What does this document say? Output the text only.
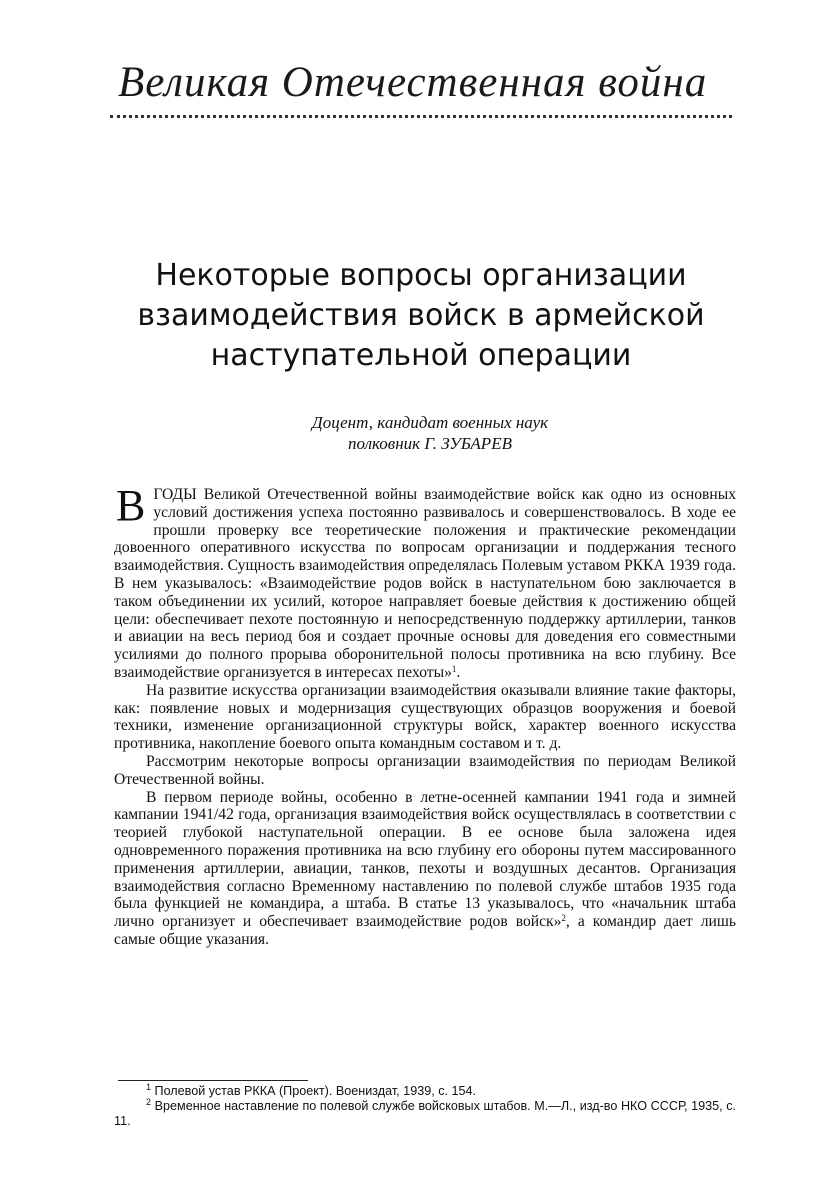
Великая Отечественная война
Некоторые вопросы организации
взаимодействия войск в армейской
наступательной операции
Доцент, кандидат военных наук
полковник Г. ЗУБАРЕВ

ВГОДЫ Великой Отечественной войны взаимодействие войск как одно из основных условий достижения успеха постоянно развивалось и совершенствовалось. В ходе ее прошли проверку все теоретические положения и практические рекомендации довоенного оперативного искусства по вопросам организации и поддержания тесного взаимодействия. Сущность взаимодействия определялась Полевым уставом РККА 1939 года. В нем указывалось: «Взаимодействие родов войск в наступательном бою заключается в таком объединении их усилий, которое направляет боевые действия к достижению общей цели: обеспечивает пехоте постоянную и непосредственную поддержку артиллерии, танков и авиации на весь период боя и создает прочные основы для доведения его совместными усилиями до полного прорыва оборонительной полосы противника на всю глубину. Все взаимодействие организуется в интересах пехоты»$^1$.

На развитие искусства организации взаимодействия оказывали влияние такие факторы, как: появление новых и модернизация существующих образцов вооружения и боевой техники, изменение организационной структуры войск, характер военного искусства противника, накопление боевого опыта командным составом и т. д.

Рассмотрим некоторые вопросы организации взаимодействия по периодам Великой Отечественной войны.

В первом периоде войны, особенно в летне-осенней кампании 1941 года и зимней кампании 1941/42 года, организация взаимодействия войск осуществлялась в соответствии с теорией глубокой наступательной операции. В ее основе была заложена идея одновременного поражения противника на всю глубину его обороны путем массированного применения артиллерии, авиации, танков, пехоты и воздушных десантов. Организация взаимодействия согласно Временному наставлению по полевой службе штабов 1935 года была функцией не командира, а штаба. В статье 13 указывалось, что «начальник штаба лично организует и обеспечивает взаимодействие родов войск»$^2$, а командир дает лишь самые общие указания.

$^1$ Полевой устав РККА (Проект). Воениздат, 1939, с. 154.

$^2$ Временное наставление по полевой службе войсковых штабов. М.—Л., изд-во НКО СССР, 1935, с. 11.
